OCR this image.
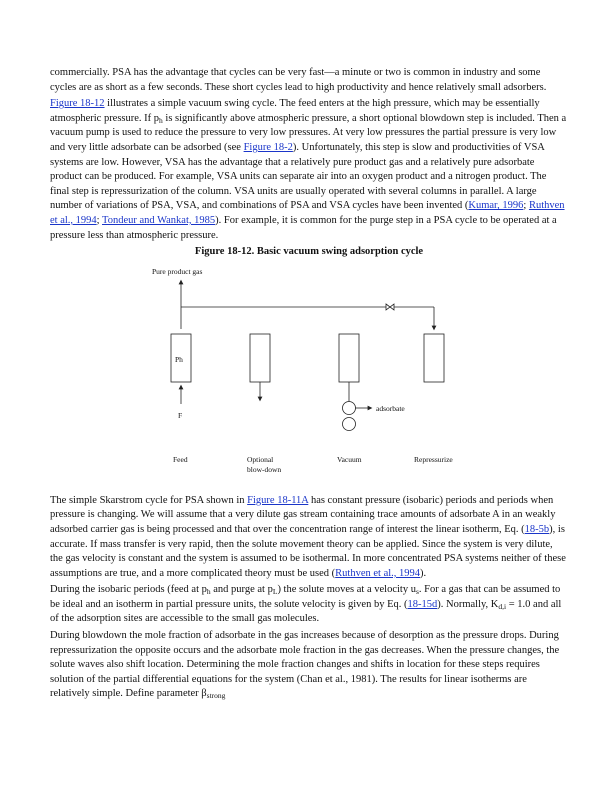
commercially. PSA has the advantage that cycles can be very fast—a minute or two is common in industry and some cycles are as short as a few seconds. These short cycles lead to high productivity and hence relatively small adsorbers.

Figure 18-12 illustrates a simple vacuum swing cycle. The feed enters at the high pressure, which may be essentially atmospheric pressure. If $p_h$ is significantly above atmospheric pressure, a short optional blowdown step is included. Then a vacuum pump is used to reduce the pressure to very low pressures. At very low pressures the partial pressure is very low and very little adsorbate can be adsorbed (see Figure 18-2). Unfortunately, this step is slow and productivities of VSA systems are low. However, VSA has the advantage that a relatively pure product gas and a relatively pure adsorbate product can be produced. For example, VSA units can separate air into an oxygen product and a nitrogen product. The final step is repressurization of the column. VSA units are usually operated with several columns in parallel. A large number of variations of PSA, VSA, and combinations of PSA and VSA cycles have been invented (Kumar, 1996; Ruthven et al., 1994; Tondeur and Wankat, 1985). For example, it is common for the purge step in a PSA cycle to be operated at a pressure less than atmospheric pressure.

Figure 18-12. Basic vacuum swing adsorption cycle
Pure product gas
Ph
F
adsorbate
Feed	Optional
blow-down
Vacuum	Repressurize

The simple Skarstrom cycle for PSA shown in Figure 18-11A has constant pressure (isobaric) periods and periods when pressure is changing. We will assume that a very dilute gas stream containing trace amounts of adsorbate A in an weakly adsorbed carrier gas is being processed and that over the concentration range of interest the linear isotherm, Eq. (18-5b), is accurate. If mass transfer is very rapid, then the solute movement theory can be applied. Since the system is very dilute, the gas velocity is constant and the system is assumed to be isothermal. In more concentrated PSA systems neither of these assumptions are true, and a more complicated theory must be used (Ruthven et al., 1994).

During the isobaric periods (feed at $p_h$ and purge at $p_L$) the solute moves at a velocity $u_s$. For a gas that can be assumed to be ideal and an isotherm in partial pressure units, the solute velocity is given by Eq. (18-15d). Normally, $K_{d,i} = 1.0$ and all of the adsorption sites are accessible to the small gas molecules.

During blowdown the mole fraction of adsorbate in the gas increases because of desorption as the pressure drops. During repressurization the opposite occurs and the adsorbate mole fraction in the gas decreases. When the pressure changes, the solute waves also shift location. Determining the mole fraction changes and shifts in location for these steps requires solution of the partial differential equations for the system (Chan et al., 1981). The results for linear isotherms are relatively simple. Define parameter $\beta_{strong}$
